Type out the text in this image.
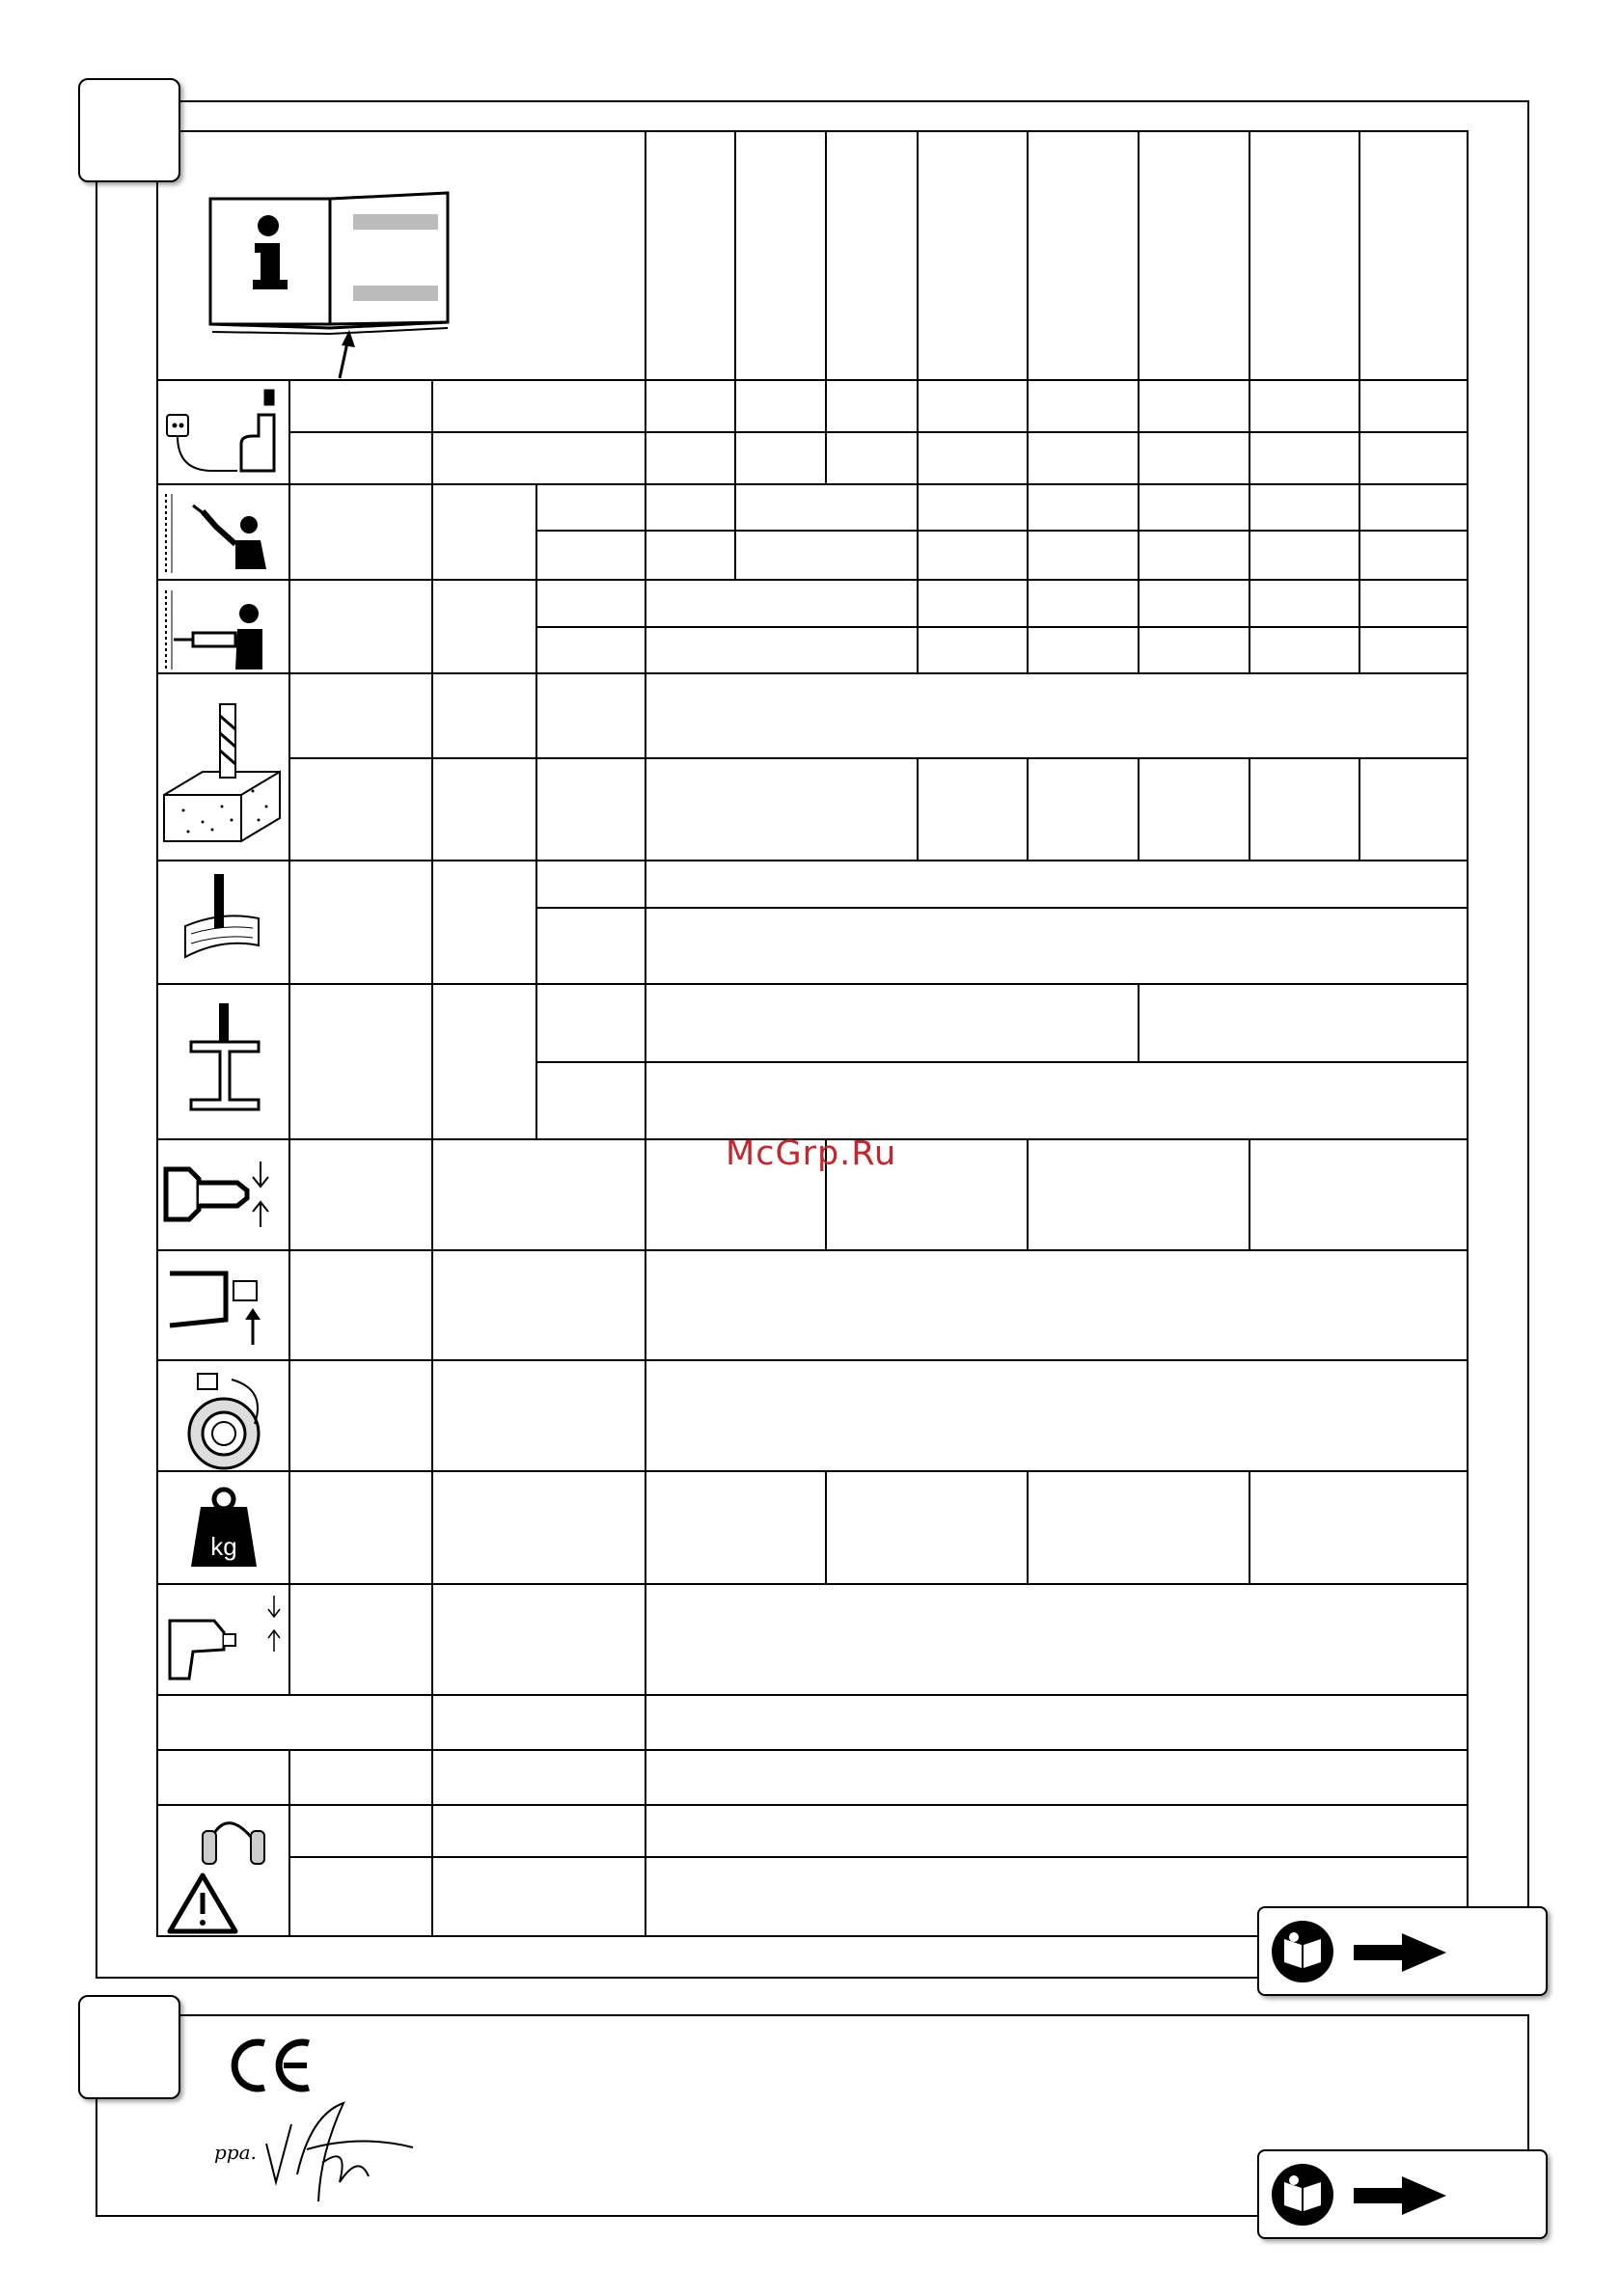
kg
McGrp.Ru
ppa.
